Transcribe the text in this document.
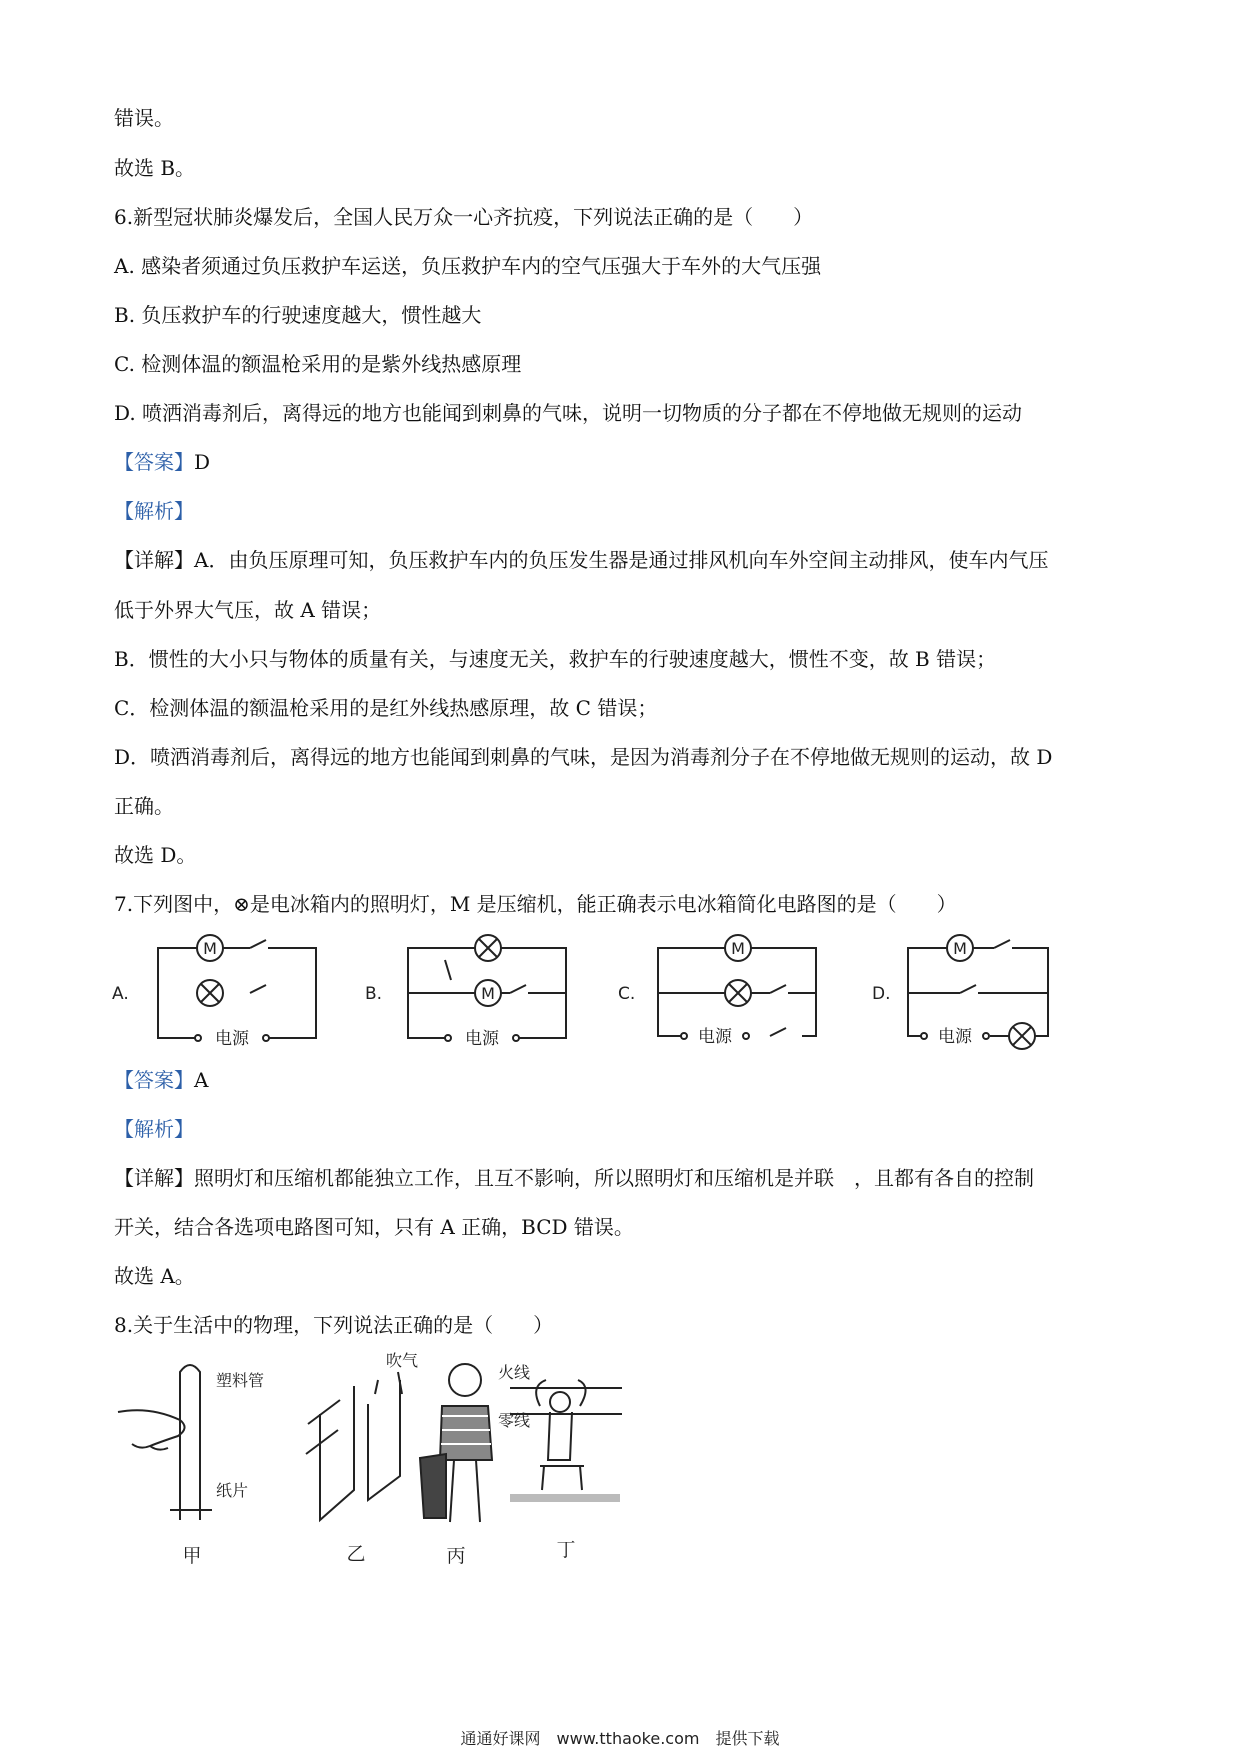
错误。
故选 B。
6.新型冠状肺炎爆发后，全国人民万众一心齐抗疫，下列说法正确的是（　　）
A. 感染者须通过负压救护车运送，负压救护车内的空气压强大于车外的大气压强
B. 负压救护车的行驶速度越大，惯性越大
C. 检测体温的额温枪采用的是紫外线热感原理
D. 喷洒消毒剂后，离得远的地方也能闻到刺鼻的气味，说明一切物质的分子都在不停地做无规则的运动
【答案】D
【解析】
【详解】A．由负压原理可知，负压救护车内的负压发生器是通过排风机向车外空间主动排风，使车内气压
低于外界大气压，故 A 错误；
B．惯性的大小只与物体的质量有关，与速度无关，救护车的行驶速度越大，惯性不变，故 B 错误；
C．检测体温的额温枪采用的是红外线热感原理，故 C 错误；
D．喷洒消毒剂后，离得远的地方也能闻到刺鼻的气味，是因为消毒剂分子在不停地做无规则的运动，故 D
正确。
故选 D。
7.下列图中，⊗是电冰箱内的照明灯，M 是压缩机，能正确表示电冰箱简化电路图的是（　　）
M
M
M	M
电源	电源	电源	电源
A.	B.	C.	D.
【答案】A
【解析】
【详解】照明灯和压缩机都能独立工作，且互不影响，所以照明灯和压缩机是并联　，且都有各自的控制
开关，结合各选项电路图可知，只有 A 正确，BCD 错误。
故选 A。
8.关于生活中的物理，下列说法正确的是（　　）
塑料管
纸片
吹气
火线
零线
甲	乙	丙	丁
通通好课网　www.tthaoke.com　提供下载
